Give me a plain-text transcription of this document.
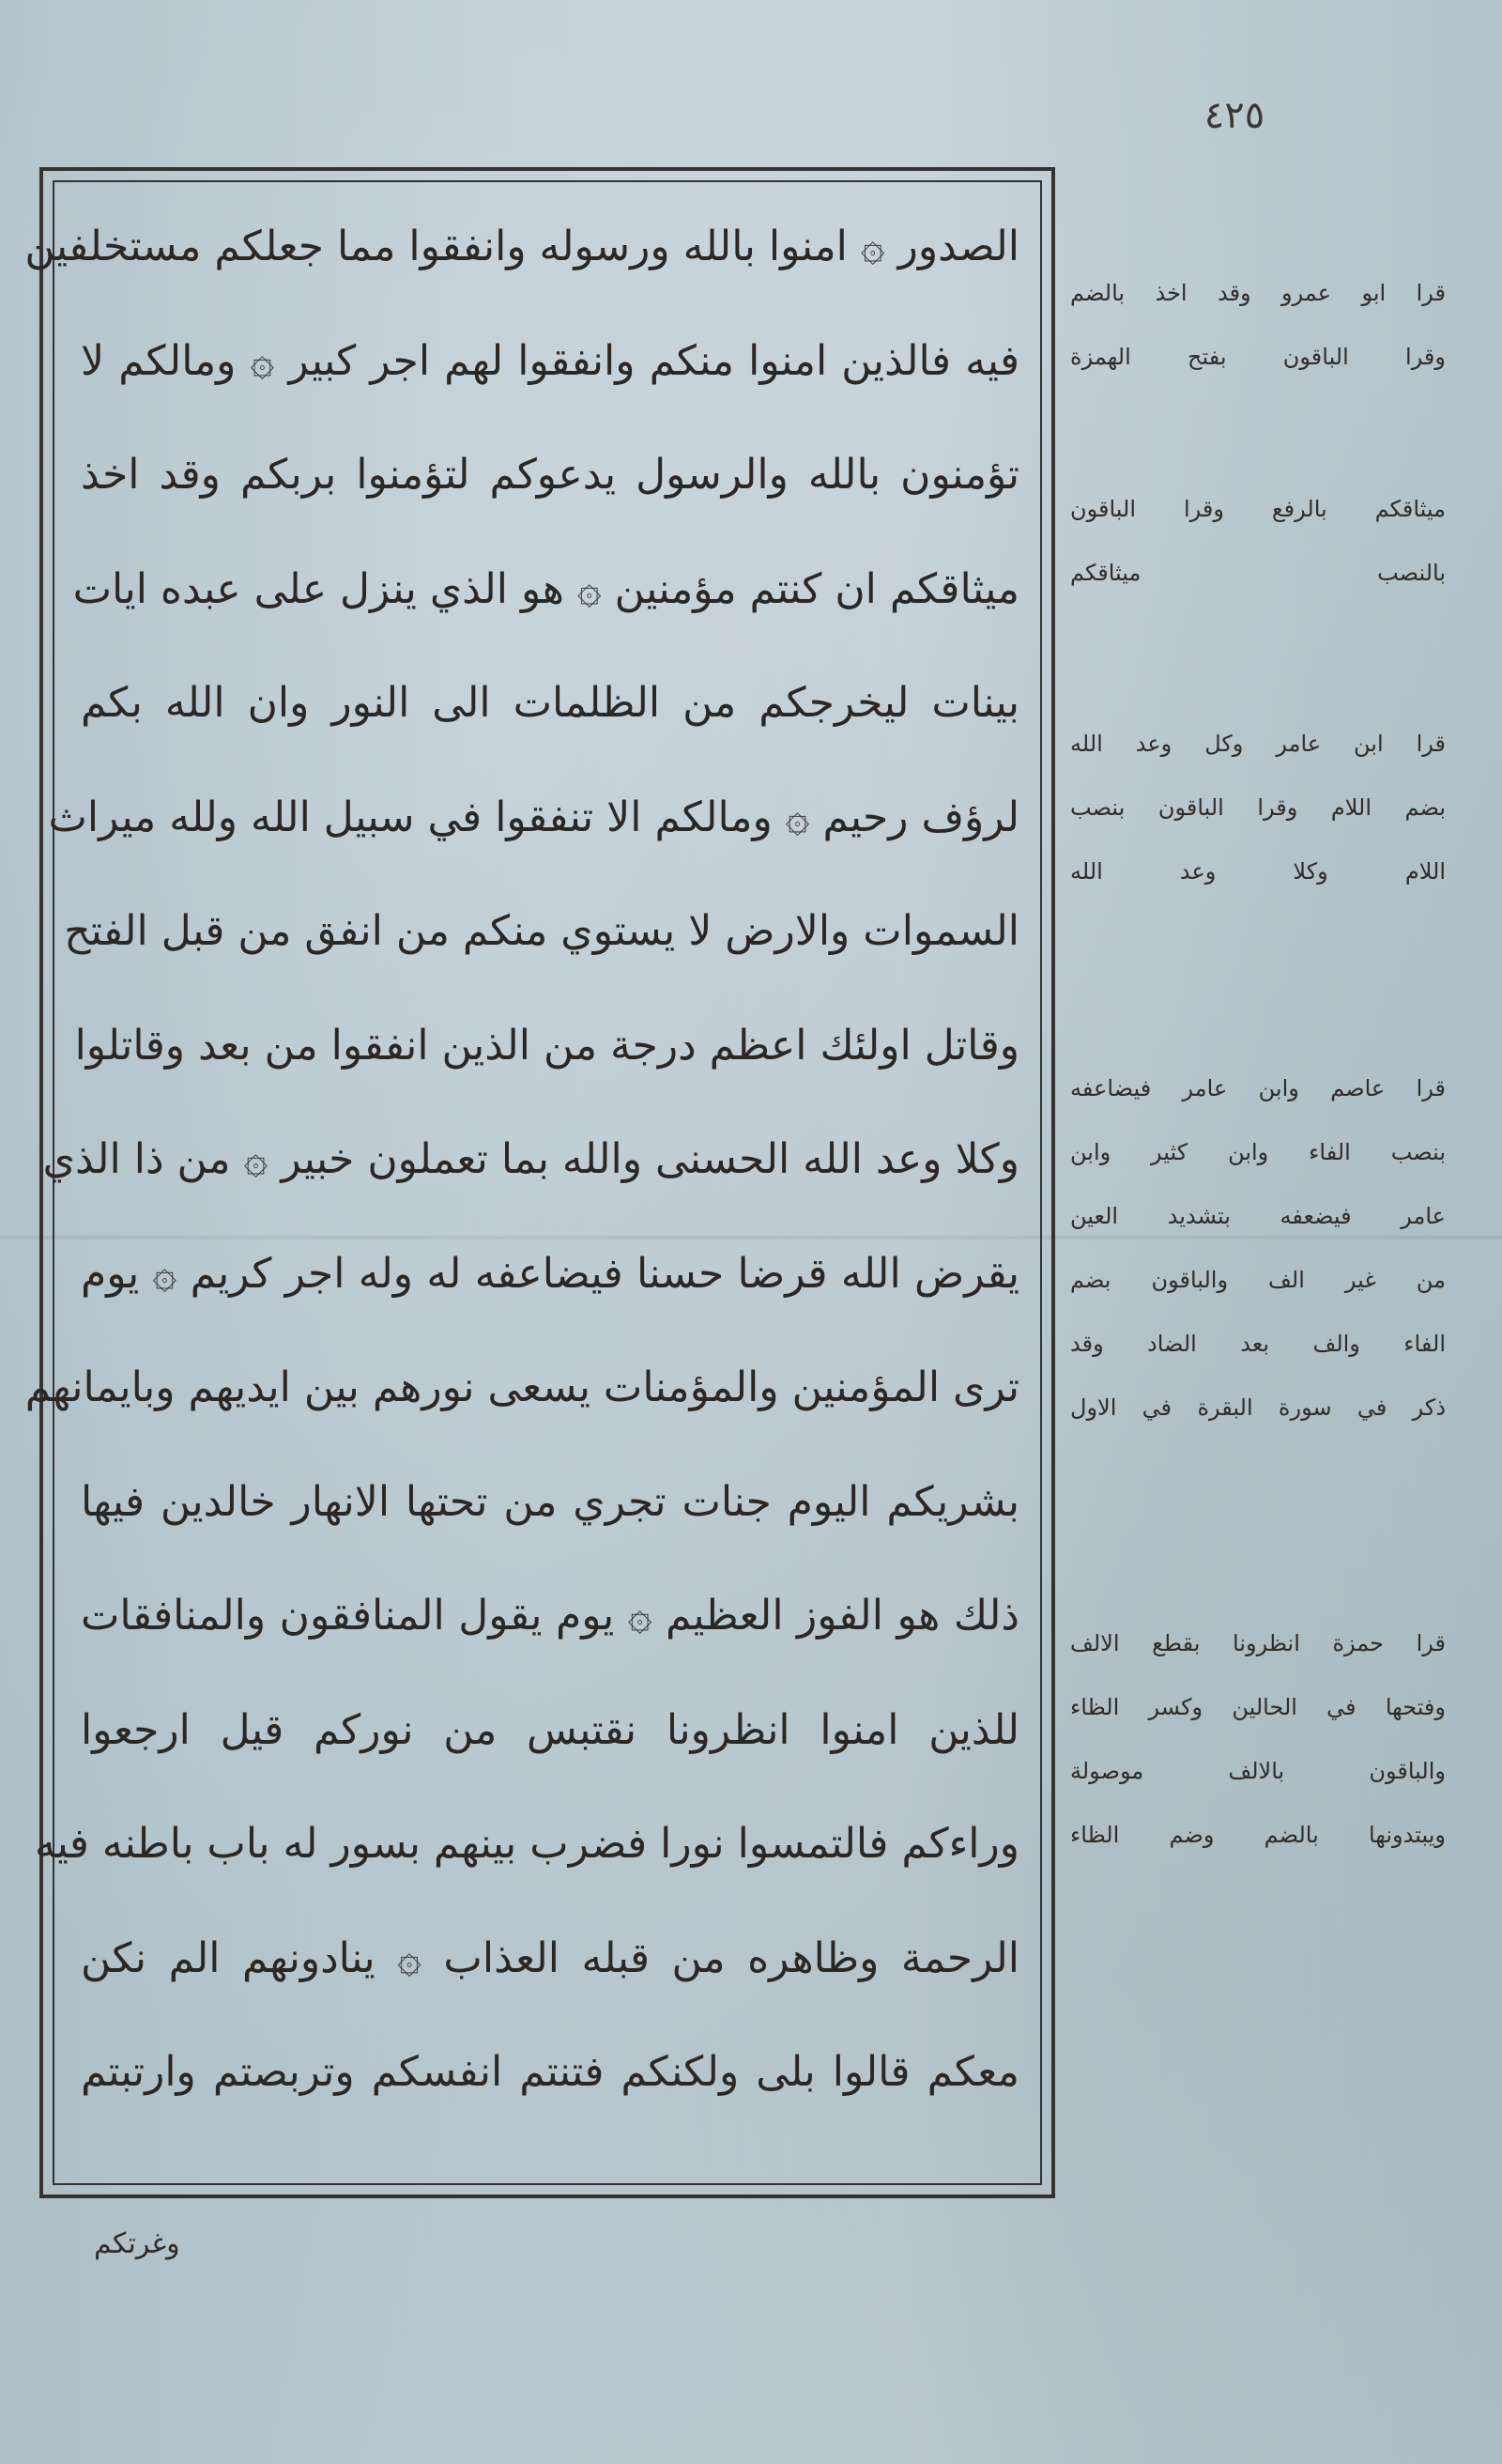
٤٢٥
الصدور ۞ امنوا بالله ورسوله وانفقوا مما جعلكم مستخلفين
فيه فالذين امنوا منكم وانفقوا لهم اجر كبير ۞ ومالكم لا
تؤمنون بالله والرسول يدعوكم لتؤمنوا بربكم وقد اخذ
ميثاقكم ان كنتم مؤمنين ۞ هو الذي ينزل على عبده ايات
بينات ليخرجكم من الظلمات الى النور وان الله بكم
لرؤف رحيم ۞ ومالكم الا تنفقوا في سبيل الله ولله ميراث
السموات والارض لا يستوي منكم من انفق من قبل الفتح
وقاتل اولئك اعظم درجة من الذين انفقوا من بعد وقاتلوا
وكلا وعد الله الحسنى والله بما تعملون خبير ۞ من ذا الذي
يقرض الله قرضا حسنا فيضاعفه له وله اجر كريم ۞ يوم
ترى المؤمنين والمؤمنات يسعى نورهم بين ايديهم وبايمانهم
بشريكم اليوم جنات تجري من تحتها الانهار خالدين فيها
ذلك هو الفوز العظيم ۞ يوم يقول المنافقون والمنافقات
للذين امنوا انظرونا نقتبس من نوركم قيل ارجعوا
وراءكم فالتمسوا نورا فضرب بينهم بسور له باب باطنه فيه
الرحمة وظاهره من قبله العذاب ۞ ينادونهم الم نكن
معكم قالوا بلى ولكنكم فتنتم انفسكم وتربصتم وارتبتم
قرا ابو عمرو وقد اخذ بالضم
وقرا الباقون بفتح الهمزة
ميثاقكم بالرفع وقرا الباقون
بالنصب ميثاقكم
قرا ابن عامر وكل وعد الله
بضم اللام وقرا الباقون بنصب
اللام وكلا وعد الله
قرا عاصم وابن عامر فيضاعفه
بنصب الفاء وابن كثير وابن
عامر فيضعفه بتشديد العين
من غير الف والباقون بضم
الفاء والف بعد الضاد وقد
ذكر في سورة البقرة في الاول
قرا حمزة انظرونا بقطع الالف
وفتحها في الحالين وكسر الظاء
والباقون بالالف موصولة
ويبتدونها بالضم وضم الظاء
وغرتكم
